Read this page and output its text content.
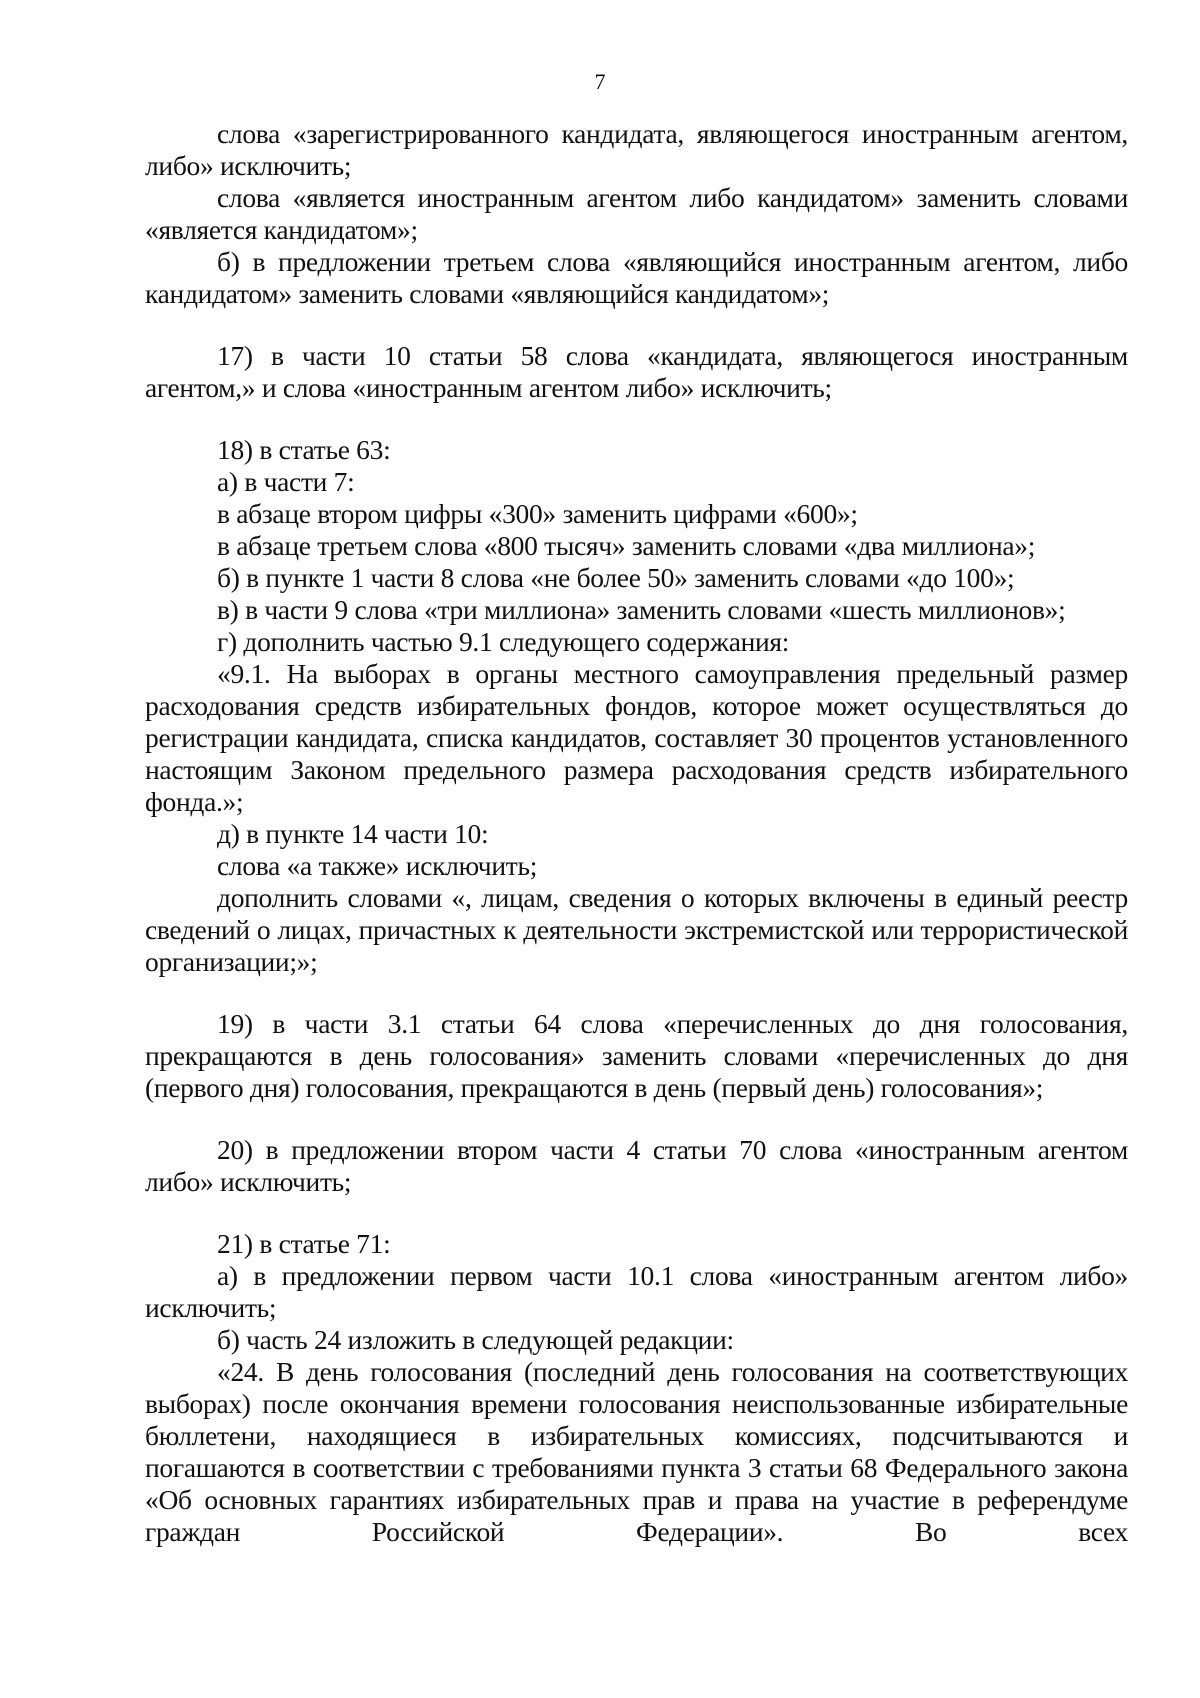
7

слова «зарегистрированного кандидата, являющегося иностранным агентом, либо» исключить;

слова «является иностранным агентом либо кандидатом» заменить словами «является кандидатом»;

б) в предложении третьем слова «являющийся иностранным агентом, либо кандидатом» заменить словами «являющийся кандидатом»;

17) в части 10 статьи 58 слова «кандидата, являющегося иностранным агентом,» и слова «иностранным агентом либо» исключить;

18) в статье 63:

а) в части 7:

в абзаце втором цифры «300» заменить цифрами «600»;

в абзаце третьем слова «800 тысяч» заменить словами «два миллиона»;

б) в пункте 1 части 8 слова «не более 50» заменить словами «до 100»;

в) в части 9 слова «три миллиона» заменить словами «шесть миллионов»;

г) дополнить частью 9.1 следующего содержания:

«9.1. На выборах в органы местного самоуправления предельный размер расходования средств избирательных фондов, которое может осуществляться до регистрации кандидата, списка кандидатов, составляет 30 процентов установленного настоящим Законом предельного размера расходования средств избирательного фонда.»;

д) в пункте 14 части 10:

слова «а также» исключить;

дополнить словами «, лицам, сведения о которых включены в единый реестр сведений о лицах, причастных к деятельности экстремистской или террористической организации;»;

19) в части 3.1 статьи 64 слова «перечисленных до дня голосования, прекращаются в день голосования» заменить словами «перечисленных до дня (первого дня) голосования, прекращаются в день (первый день) голосования»;

20) в предложении втором части 4 статьи 70 слова «иностранным агентом либо» исключить;

21) в статье 71:

а) в предложении первом части 10.1 слова «иностранным агентом либо» исключить;

б) часть 24 изложить в следующей редакции:

«24. В день голосования (последний день голосования на соответствующих выборах) после окончания времени голосования неиспользованные избирательные бюллетени, находящиеся в избирательных комиссиях, подсчитываются и погашаются в соответствии с требованиями пункта 3 статьи 68 Федерального закона «Об основных гарантиях избирательных прав и права на участие в референдуме граждан Российской Федерации». Во всех
